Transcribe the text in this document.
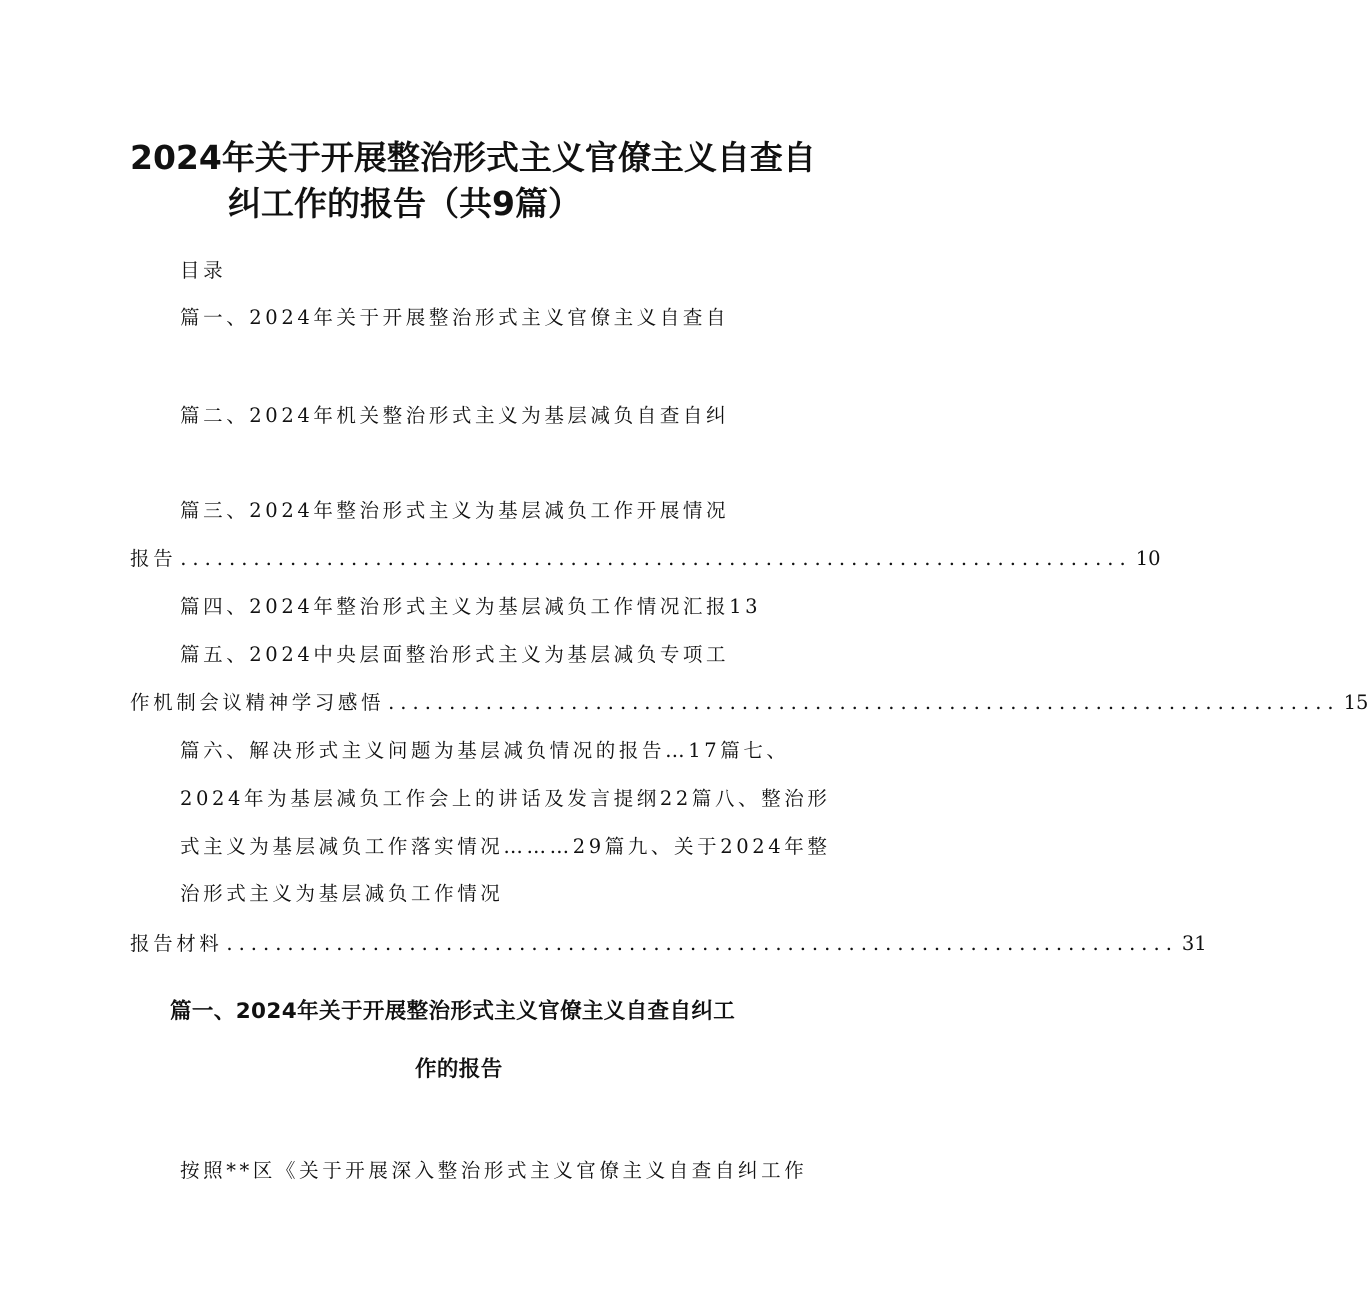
2024年关于开展整治形式主义官僚主义自查自
纠工作的报告（共9篇）
目录
篇一、2024年关于开展整治形式主义官僚主义自查自
篇二、2024年机关整治形式主义为基层减负自查自纠
篇三、2024年整治形式主义为基层减负工作开展情况
报告 .............................................................................. 10
篇四、2024年整治形式主义为基层减负工作情况汇报13
篇五、2024中央层面整治形式主义为基层减负专项工
作机制会议精神学习感悟 .............................................................................. 15
篇六、解决形式主义问题为基层减负情况的报告…17篇七、
2024年为基层减负工作会上的讲话及发言提纲22篇八、整治形
式主义为基层减负工作落实情况………29篇九、关于2024年整
治形式主义为基层减负工作情况
报告材料 .............................................................................. 31
篇一、2024年关于开展整治形式主义官僚主义自查自纠工
作的报告
按照**区《关于开展深入整治形式主义官僚主义自查自纠工作
